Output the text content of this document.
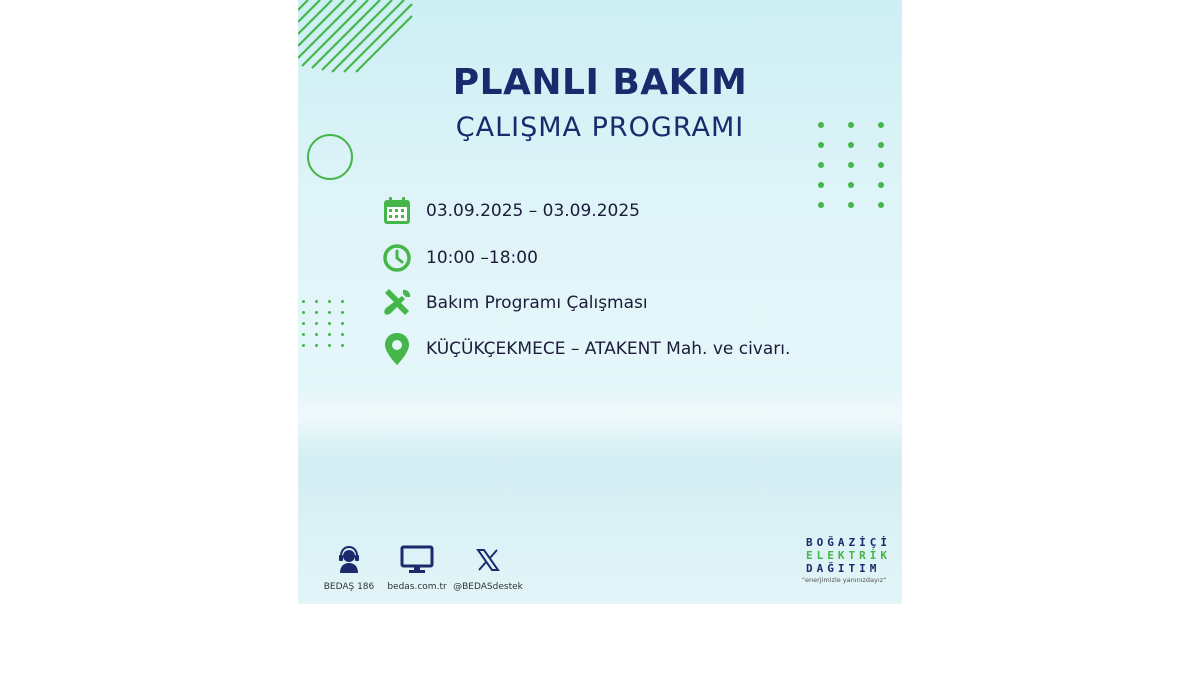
PLANLI BAKIM
ÇALIŞMA PROGRAMI
03.09.2025 – 03.09.2025
10:00 –18:00
Bakım Programı Çalışması
KÜÇÜKÇEKMECE – ATAKENT Mah. ve civarı.
BEDAŞ 186	bedas.com.tr @BEDASdestek
BOĞAZİÇİ
ELEKTRİK
DAĞITIM
"enerjimizle yanınızdayız"
